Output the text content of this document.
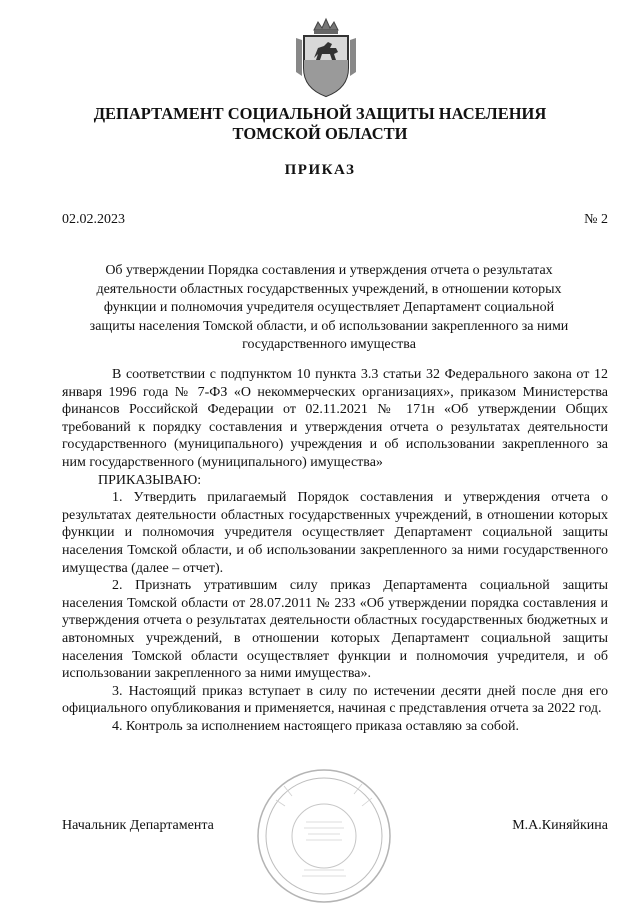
ДЕПАРТАМЕНТ СОЦИАЛЬНОЙ ЗАЩИТЫ НАСЕЛЕНИЯ
ТОМСКОЙ ОБЛАСТИ
ПРИКАЗ
02.02.2023	№ 2
Об утверждении Порядка составления и утверждения отчета о результатах деятельности областных государственных учреждений, в отношении которых функции и полномочия учредителя осуществляет Департамент социальной защиты населения Томской области, и об использовании закрепленного за ними государственного имущества

В соответствии с подпунктом 10 пункта 3.3 статьи 32 Федерального закона от 12 января 1996 года № 7-ФЗ «О некоммерческих организациях», приказом Министерства финансов Российской Федерации от 02.11.2021 № 171н «Об утверждении Общих требований к порядку составления и утверждения отчета о результатах деятельности государственного (муниципального) учреждения и об использовании закрепленного за ним государственного (муниципального) имущества»

ПРИКАЗЫВАЮ:

1. Утвердить прилагаемый Порядок составления и утверждения отчета о результатах деятельности областных государственных учреждений, в отношении которых функции и полномочия учредителя осуществляет Департамент социальной защиты населения Томской области, и об использовании закрепленного за ними государственного имущества (далее – отчет).

2. Признать утратившим силу приказ Департамента социальной защиты населения Томской области от 28.07.2011 № 233 «Об утверждении порядка составления и утверждения отчета о результатах деятельности областных государственных бюджетных и автономных учреждений, в отношении которых Департамент социальной защиты населения Томской области осуществляет функции и полномочия учредителя, и об использовании закрепленного за ними имущества».

3. Настоящий приказ вступает в силу по истечении десяти дней после дня его официального опубликования и применяется, начиная с представления отчета за 2022 год.

4. Контроль за исполнением настоящего приказа оставляю за собой.

Начальник Департамента	М.А.Киняйкина
